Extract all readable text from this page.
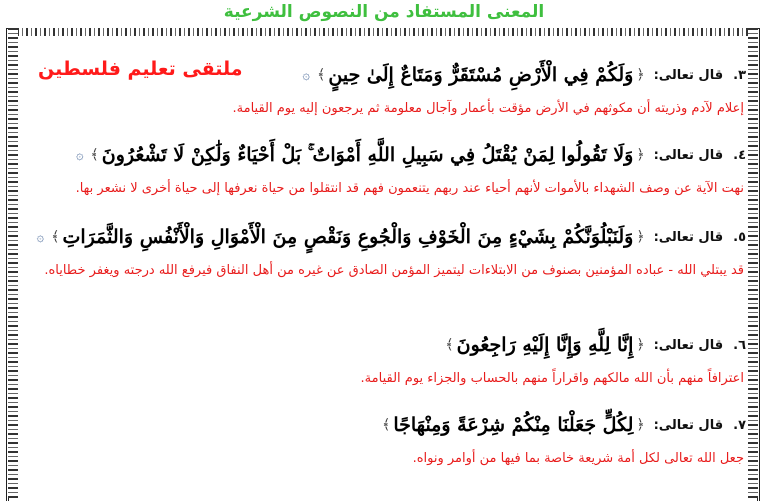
المعنى المستفاد من النصوص الشرعية
ملتقى تعليم فلسطين	٣.
قال تعالى:
﴿
وَلَكُمْ فِي الْأَرْضِ مُسْتَقَرٌّ وَمَتَاعٌ إِلَىٰ حِينٍ
﴾
۞
إعلام لآدم وذريته أن مكوثهم في الأرض مؤقت بأعمار وآجال معلومة ثم يرجعون إليه يوم القيامة.
٤.
قال تعالى:
﴿
وَلَا تَقُولُوا لِمَنْ يُقْتَلُ فِي سَبِيلِ اللَّهِ أَمْوَاتٌ ۚ بَلْ أَحْيَاءٌ وَلَٰكِنْ لَا تَشْعُرُونَ
﴾
۞
نهت الآية عن وصف الشهداء بالأموات لأنهم أحياء عند ربهم يتنعمون فهم قد انتقلوا من حياة نعرفها إلى حياة أخرى لا نشعر بها.
٥.
قال تعالى:
﴿
وَلَنَبْلُوَنَّكُمْ بِشَيْءٍ مِنَ الْخَوْفِ وَالْجُوعِ وَنَقْصٍ مِنَ الْأَمْوَالِ وَالْأَنْفُسِ وَالثَّمَرَاتِ
﴾
۞
قد يبتلي الله - عباده المؤمنين بصنوف من الابتلاءات ليتميز المؤمن الصادق عن غيره من أهل النفاق فيرفع الله درجته ويغفر خطاياه.
٦.
قال تعالى:
﴿
إِنَّا لِلَّهِ وَإِنَّا إِلَيْهِ رَاجِعُونَ
﴾
اعترافاً منهم بأن الله مالكهم واقراراً منهم بالحساب والجزاء يوم القيامة.
٧.
قال تعالى:
﴿
لِكُلٍّ جَعَلْنَا مِنْكُمْ شِرْعَةً وَمِنْهَاجًا
﴾
جعل الله تعالى لكل أمة شريعة خاصة بما فيها من أوامر ونواه.
